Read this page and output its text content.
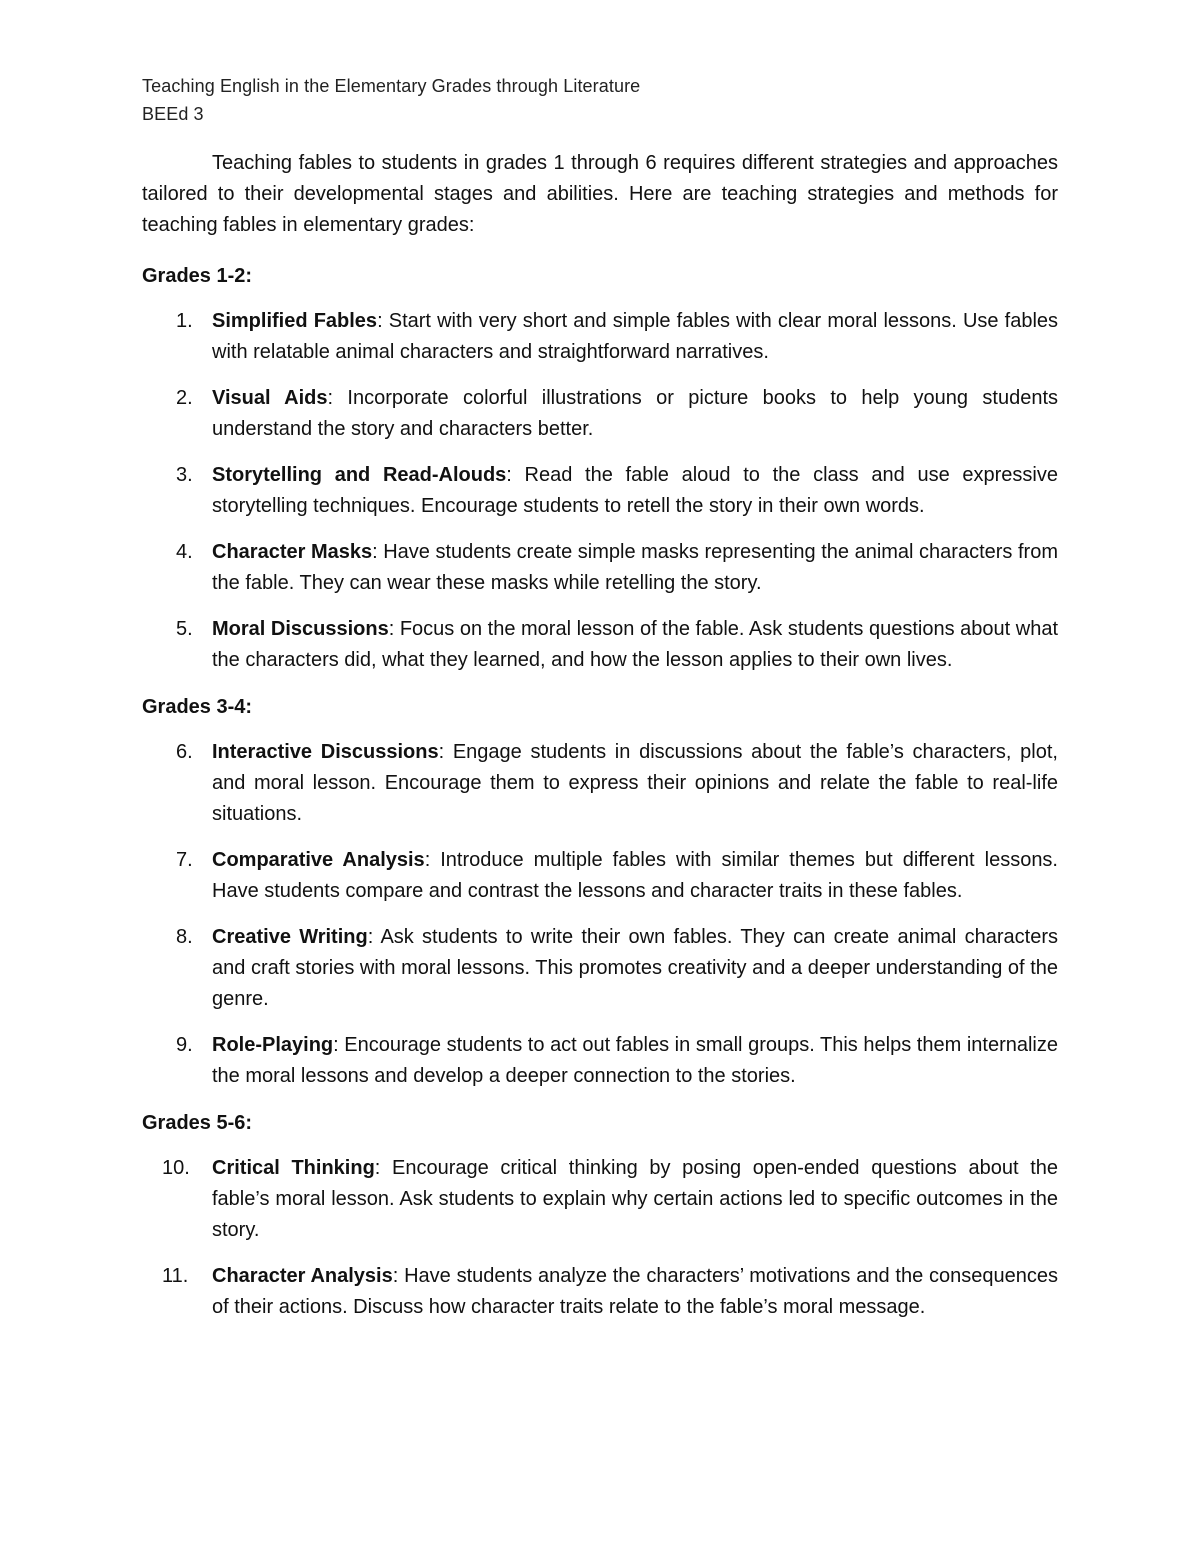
Teaching English in the Elementary Grades through Literature
BEEd 3

Teaching fables to students in grades 1 through 6 requires different strategies and approaches tailored to their developmental stages and abilities. Here are teaching strategies and methods for teaching fables in elementary grades:

Grades 1-2:
1. Simplified Fables: Start with very short and simple fables with clear moral lessons. Use fables with relatable animal characters and straightforward narratives.
2. Visual Aids: Incorporate colorful illustrations or picture books to help young students understand the story and characters better.
3. Storytelling and Read-Alouds: Read the fable aloud to the class and use expressive storytelling techniques. Encourage students to retell the story in their own words.
4. Character Masks: Have students create simple masks representing the animal characters from the fable. They can wear these masks while retelling the story.
5. Moral Discussions: Focus on the moral lesson of the fable. Ask students questions about what the characters did, what they learned, and how the lesson applies to their own lives.
Grades 3-4:
6. Interactive Discussions: Engage students in discussions about the fable’s characters, plot, and moral lesson. Encourage them to express their opinions and relate the fable to real-life situations.
7. Comparative Analysis: Introduce multiple fables with similar themes but different lessons. Have students compare and contrast the lessons and character traits in these fables.
8. Creative Writing: Ask students to write their own fables. They can create animal characters and craft stories with moral lessons. This promotes creativity and a deeper understanding of the genre.
9. Role-Playing: Encourage students to act out fables in small groups. This helps them internalize the moral lessons and develop a deeper connection to the stories.
Grades 5-6:
10. Critical Thinking: Encourage critical thinking by posing open-ended questions about the fable’s moral lesson. Ask students to explain why certain actions led to specific outcomes in the story.
11. Character Analysis: Have students analyze the characters’ motivations and the consequences of their actions. Discuss how character traits relate to the fable’s moral message.
